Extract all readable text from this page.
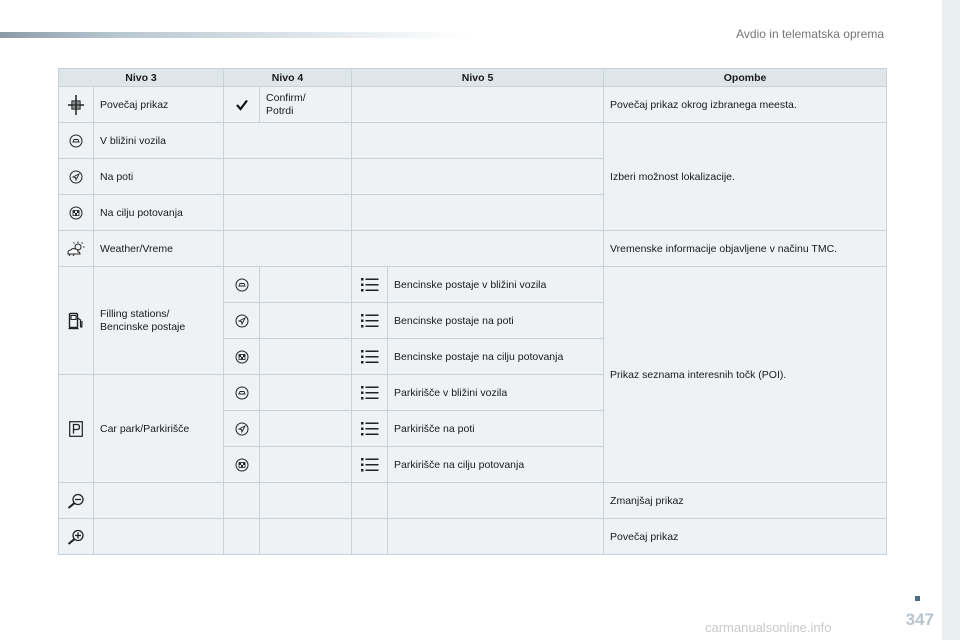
Avdio in telematska oprema
347
carmanualsonline.info
Nivo 3		Nivo 4		Nivo 5		Opombe

	Povečaj prikaz		Confirm/
Potrdi			Povečaj prikaz okrog izbranega meesta.

	V bližini vozila					Izberi možnost lokalizacije.

	Na poti					

	Na cilju potovanja					

	Weather/Vreme					Vremenske informacije objavljene v načinu TMC.

	Filling stations/
Bencinske postaje				Bencinske postaje v bližini vozila	Prikaz seznama interesnih točk (POI).

	Bencinske postaje na poti	

	Bencinske postaje na cilju potovanja	

	Car park/Parkirišče				Parkirišče v bližini vozila	

	Parkirišče na poti	

	Parkirišče na cilju potovanja	

						Zmanjšaj prikaz

						Povečaj prikaz
